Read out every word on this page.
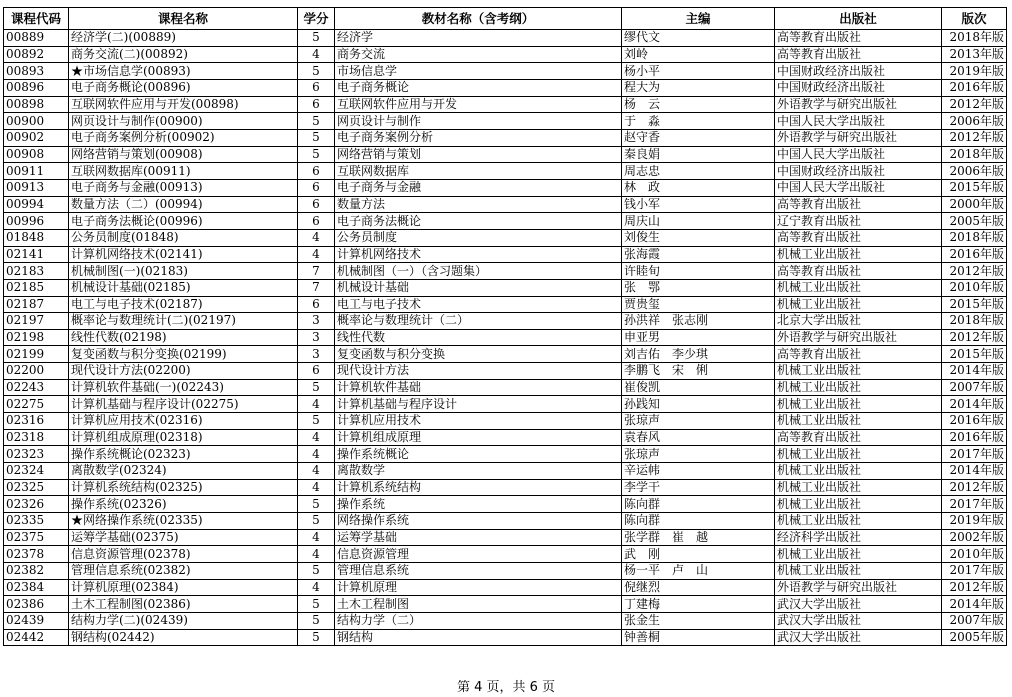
课程代码	课程名称	学分	教材名称（含考纲）	主编	出版社	版次
00889	经济学(二)(00889)	5	经济学	缪代文	高等教育出版社	2018年版
00892	商务交流(二)(00892)	4	商务交流	刘岭	高等教育出版社	2013年版
00893	★市场信息学(00893)	5	市场信息学	杨小平	中国财政经济出版社	2019年版
00896	电子商务概论(00896)	6	电子商务概论	程大为	中国财政经济出版社	2016年版
00898	互联网软件应用与开发(00898)	6	互联网软件应用与开发	杨　云	外语教学与研究出版社	2012年版
00900	网页设计与制作(00900)	5	网页设计与制作	于　淼	中国人民大学出版社	2006年版
00902	电子商务案例分析(00902)	5	电子商务案例分析	赵守香	外语教学与研究出版社	2012年版
00908	网络营销与策划(00908)	5	网络营销与策划	秦良娟	中国人民大学出版社	2018年版
00911	互联网数据库(00911)	6	互联网数据库	周志忠	中国财政经济出版社	2006年版
00913	电子商务与金融(00913)	6	电子商务与金融	林　政	中国人民大学出版社	2015年版
00994	数量方法（二）(00994)	6	数量方法	钱小军	高等教育出版社	2000年版
00996	电子商务法概论(00996)	6	电子商务法概论	周庆山	辽宁教育出版社	2005年版
01848	公务员制度(01848)	4	公务员制度	刘俊生	高等教育出版社	2018年版
02141	计算机网络技术(02141)	4	计算机网络技术	张海霞	机械工业出版社	2016年版
02183	机械制图(一)(02183)	7	机械制图（一）（含习题集）	许睦旬	高等教育出版社	2012年版
02185	机械设计基础(02185)	7	机械设计基础	张　鄂	机械工业出版社	2010年版
02187	电工与电子技术(02187)	6	电工与电子技术	贾贵玺	机械工业出版社	2015年版
02197	概率论与数理统计(二)(02197)	3	概率论与数理统计（二）	孙洪祥　张志刚	北京大学出版社	2018年版
02198	线性代数(02198)	3	线性代数	申亚男	外语教学与研究出版社	2012年版
02199	复变函数与积分变换(02199)	3	复变函数与积分变换	刘吉佑　李少琪	高等教育出版社	2015年版
02200	现代设计方法(02200)	6	现代设计方法	李鹏飞　宋　俐	机械工业出版社	2014年版
02243	计算机软件基础(一)(02243)	5	计算机软件基础	崔俊凯	机械工业出版社	2007年版
02275	计算机基础与程序设计(02275)	4	计算机基础与程序设计	孙践知	机械工业出版社	2014年版
02316	计算机应用技术(02316)	5	计算机应用技术	张琼声	机械工业出版社	2016年版
02318	计算机组成原理(02318)	4	计算机组成原理	袁春风	高等教育出版社	2016年版
02323	操作系统概论(02323)	4	操作系统概论	张琼声	机械工业出版社	2017年版
02324	离散数学(02324)	4	离散数学	辛运帏	机械工业出版社	2014年版
02325	计算机系统结构(02325)	4	计算机系统结构	李学干	机械工业出版社	2012年版
02326	操作系统(02326)	5	操作系统	陈向群	机械工业出版社	2017年版
02335	★网络操作系统(02335)	5	网络操作系统	陈向群	机械工业出版社	2019年版
02375	运筹学基础(02375)	4	运筹学基础	张学群　崔　越	经济科学出版社	2002年版
02378	信息资源管理(02378)	4	信息资源管理	武　刚	机械工业出版社	2010年版
02382	管理信息系统(02382)	5	管理信息系统	杨一平　卢　山	机械工业出版社	2017年版
02384	计算机原理(02384)	4	计算机原理	倪继烈	外语教学与研究出版社	2012年版
02386	土木工程制图(02386)	5	土木工程制图	丁建梅	武汉大学出版社	2014年版
02439	结构力学(二)(02439)	5	结构力学（二）	张金生	武汉大学出版社	2007年版
02442	钢结构(02442)	5	钢结构	钟善桐	武汉大学出版社	2005年版
第 4 页，共 6 页
